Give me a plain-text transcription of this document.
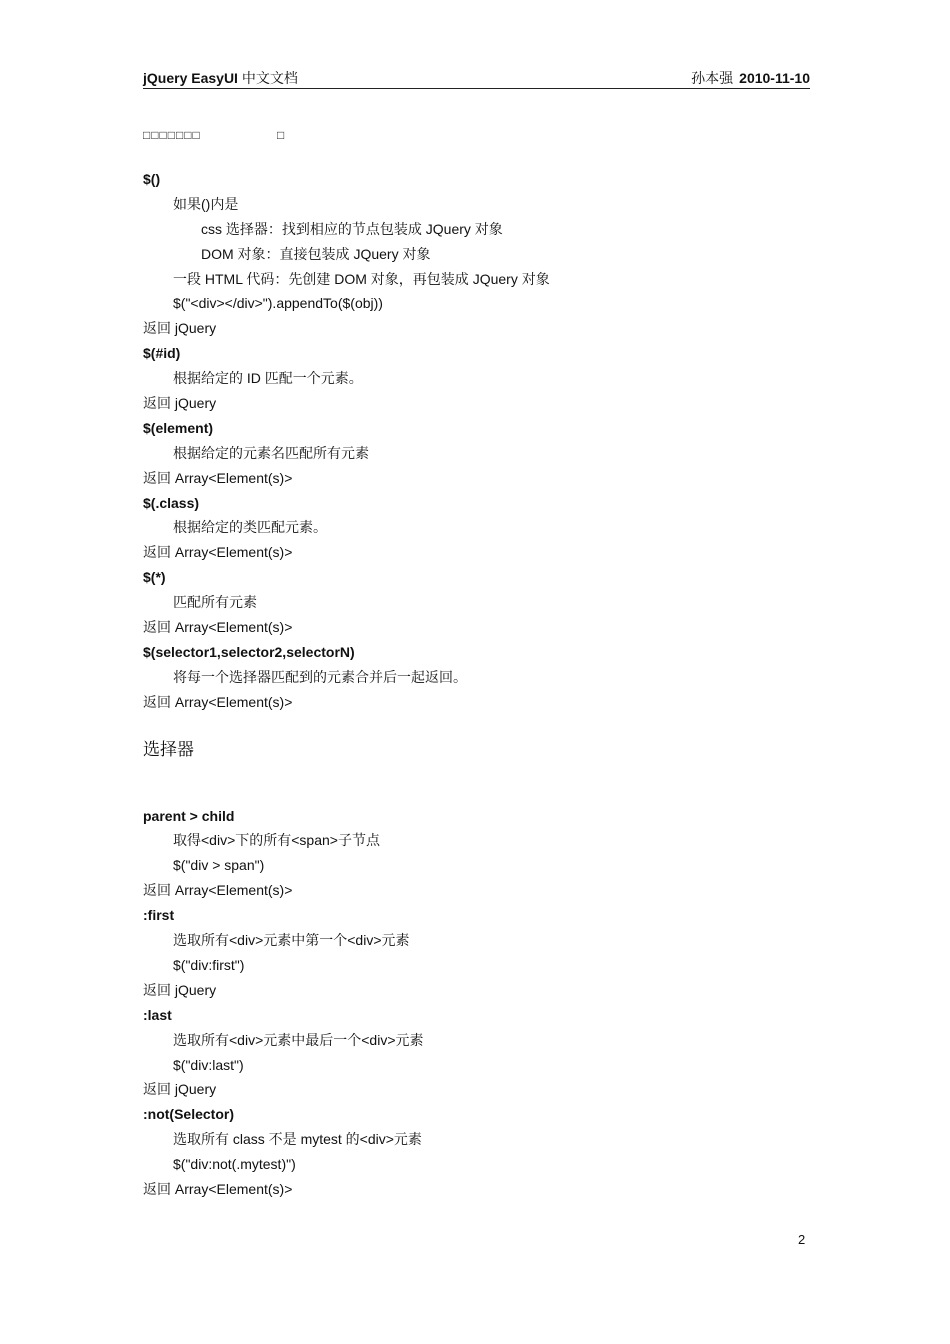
jQuery EasyUI 中文文档	孙本强 2010-11-10
□□□□□□□	□
$()
如果()内是
css 选择器：找到相应的节点包装成 JQuery 对象
DOM 对象：直接包装成 JQuery 对象
一段 HTML 代码：先创建 DOM 对象，再包装成 JQuery 对象
$("<div></div>").appendTo($(obj))
返回 jQuery
$(#id)
根据给定的 ID 匹配一个元素。
返回 jQuery
$(element)
根据给定的元素名匹配所有元素
返回 Array<Element(s)>
$(.class)
根据给定的类匹配元素。
返回 Array<Element(s)>
$(*)
匹配所有元素
返回 Array<Element(s)>
$(selector1,selector2,selectorN)
将每一个选择器匹配到的元素合并后一起返回。
返回 Array<Element(s)>
选择器
parent > child
取得<div>下的所有<span>子节点
$("div > span")
返回 Array<Element(s)>
:first
选取所有<div>元素中第一个<div>元素
$("div:first")
返回 jQuery
:last
选取所有<div>元素中最后一个<div>元素
$("div:last")
返回 jQuery
:not(Selector)
选取所有 class 不是 mytest 的<div>元素
$("div:not(.mytest)")
返回 Array<Element(s)>
2
